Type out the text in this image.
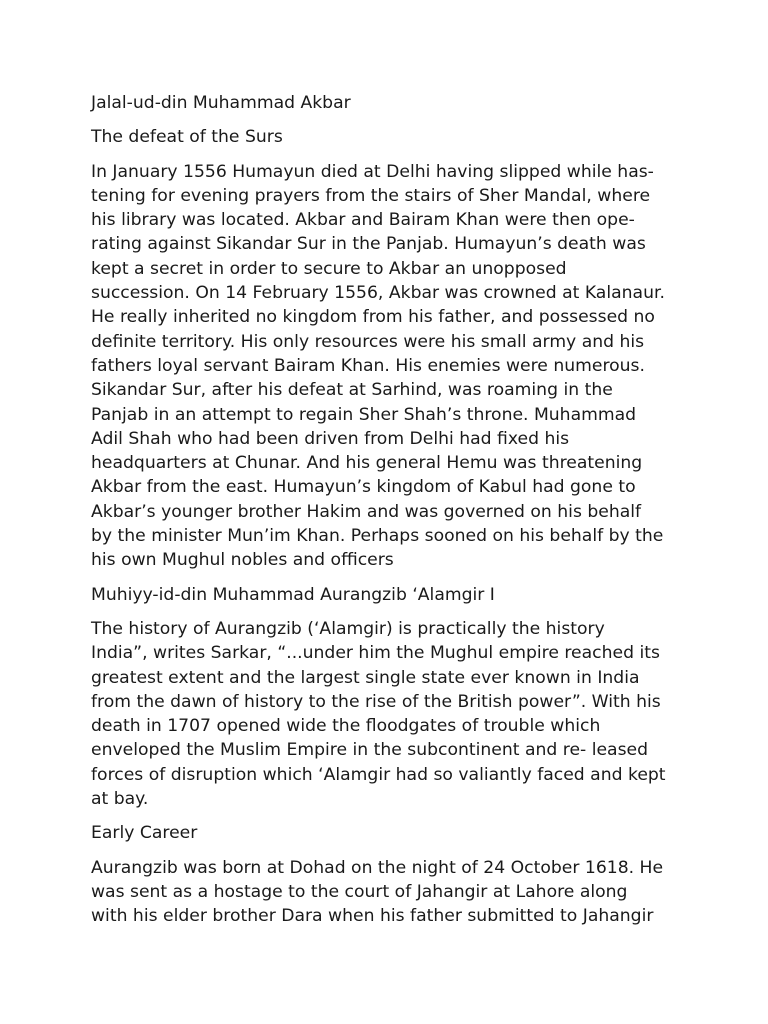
Jalal-ud-din Muhammad Akbar

The defeat of the Surs

In January 1556 Humayun died at Delhi having slipped while has-
tening for evening prayers from the stairs of Sher Mandal, where
his library was located. Akbar and Bairam Khan were then ope-
rating against Sikandar Sur in the Panjab. Humayun’s death was
kept a secret in order to secure to Akbar an unopposed
succession. On 14 February 1556, Akbar was crowned at Kalanaur.
He really inherited no kingdom from his father, and possessed no
definite territory. His only resources were his small army and his
fathers loyal servant Bairam Khan. His enemies were numerous.
Sikandar Sur, after his defeat at Sarhind, was roaming in the
Panjab in an attempt to regain Sher Shah’s throne. Muhammad
Adil Shah who had been driven from Delhi had fixed his
headquarters at Chunar. And his general Hemu was threatening
Akbar from the east. Humayun’s kingdom of Kabul had gone to
Akbar’s younger brother Hakim and was governed on his behalf
by the minister Mun’im Khan. Perhaps sooned on his behalf by the
his own Mughul nobles and officers

Muhiyy-id-din Muhammad Aurangzib ‘Alamgir I

The history of Aurangzib (‘Alamgir) is practically the history
India”, writes Sarkar, “...under him the Mughul empire reached its
greatest extent and the largest single state ever known in India
from the dawn of history to the rise of the British power”. With his
death in 1707 opened wide the floodgates of trouble which
enveloped the Muslim Empire in the subcontinent and re- leased
forces of disruption which ‘Alamgir had so valiantly faced and kept
at bay.

Early Career

Aurangzib was born at Dohad on the night of 24 October 1618. He
was sent as a hostage to the court of Jahangir at Lahore along
with his elder brother Dara when his father submitted to Jahangir
